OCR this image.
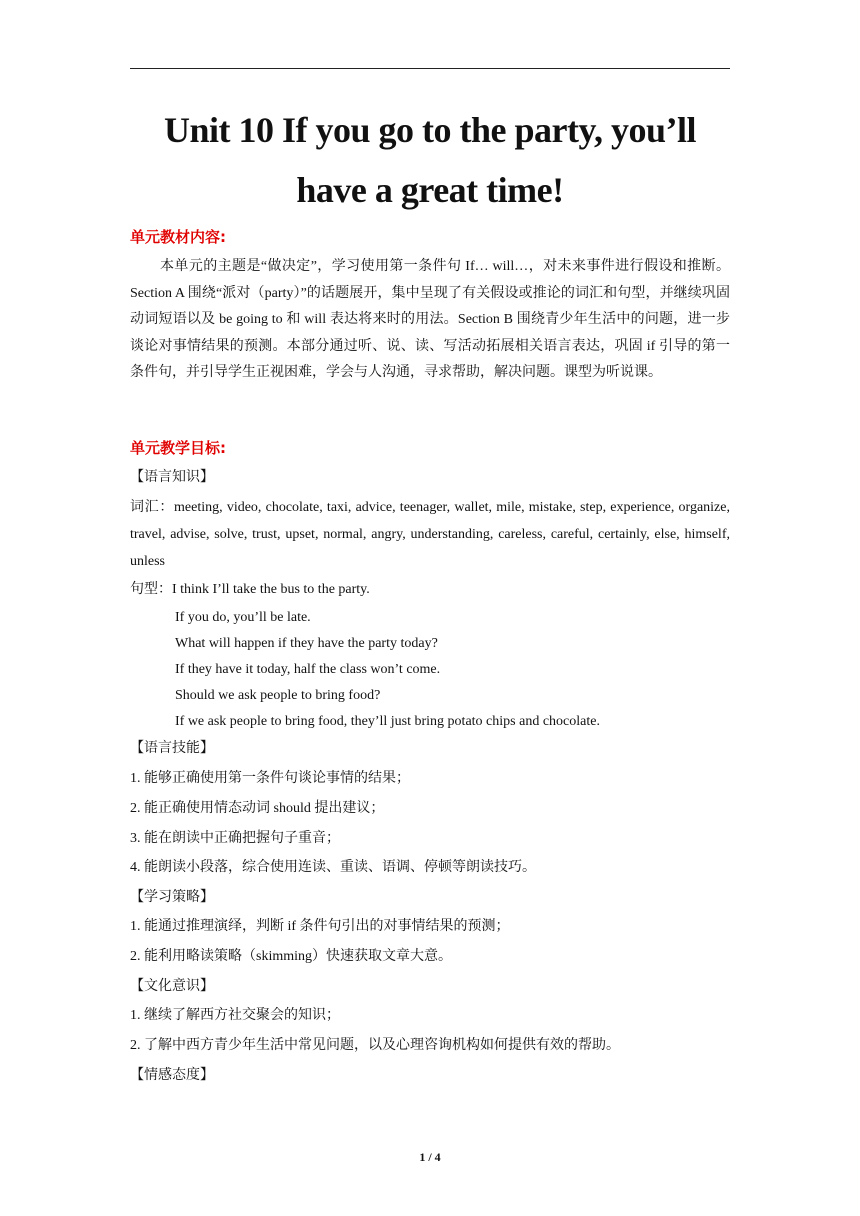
Unit 10 If you go to the party, you’ll
have a great time!
单元教材内容:
本单元的主题是“做决定”，学习使用第一条件句 If… will…，对未来事件进行假设和推断。Section A 围绕“派对（party）”的话题展开，集中呈现了有关假设或推论的词汇和句型，并继续巩固动词短语以及 be going to 和 will 表达将来时的用法。Section B 围绕青少年生活中的问题，进一步谈论对事情结果的预测。本部分通过听、说、读、写活动拓展相关语言表达，巩固 if 引导的第一条件句，并引导学生正视困难，学会与人沟通，寻求帮助，解决问题。课型为听说课。
单元教学目标:
【语言知识】
词汇：meeting, video, chocolate, taxi, advice, teenager, wallet, mile, mistake, step, experience, organize, travel, advise, solve, trust, upset, normal, angry, understanding, careless, careful, certainly, else, himself, unless
句型：I think I’ll take the bus to the party.
If you do, you’ll be late.
What will happen if they have the party today?
If they have it today, half the class won’t come.
Should we ask people to bring food?
If we ask people to bring food, they’ll just bring potato chips and chocolate.
【语言技能】
1. 能够正确使用第一条件句谈论事情的结果；
2. 能正确使用情态动词 should 提出建议；
3. 能在朗读中正确把握句子重音；
4. 能朗读小段落，综合使用连读、重读、语调、停顿等朗读技巧。
【学习策略】
1. 能通过推理演绎，判断 if 条件句引出的对事情结果的预测；
2. 能利用略读策略（skimming）快速获取文章大意。
【文化意识】
1. 继续了解西方社交聚会的知识；
2. 了解中西方青少年生活中常见问题，以及心理咨询机构如何提供有效的帮助。
【情感态度】
1 / 4
